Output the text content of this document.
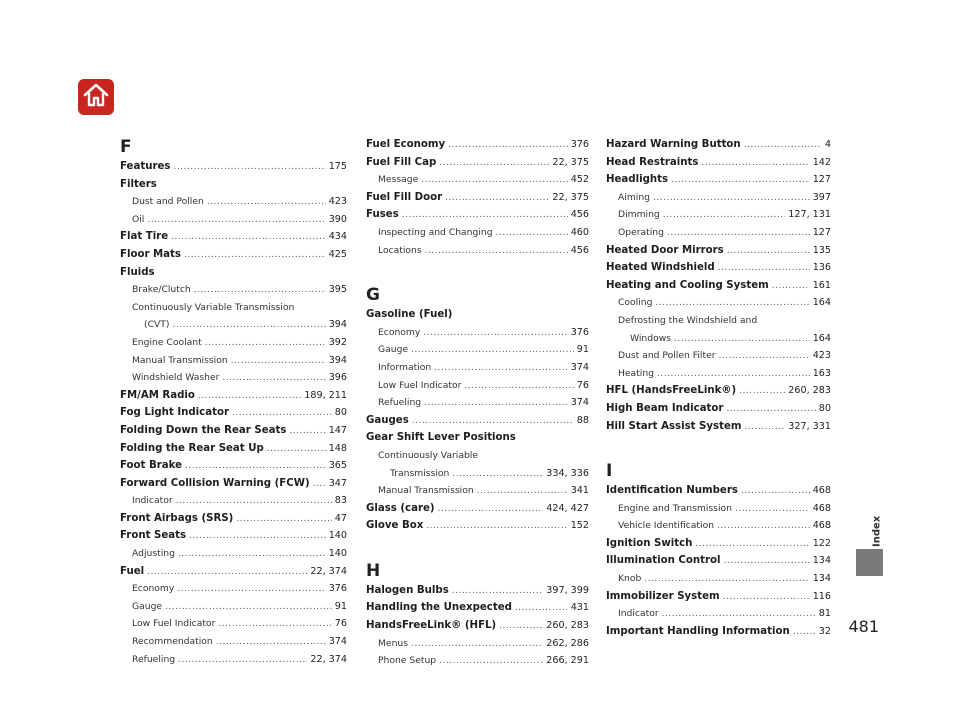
F
Features .....	175
Filters
Dust and Pollen .....	423
Oil .....	390
Flat Tire .....	434
Floor Mats .....	425
Fluids
Brake/Clutch .....	395
Continuously Variable Transmission
(CVT) .....	394
Engine Coolant .....	392
Manual Transmission .....	394
Windshield Washer .....	396
FM/AM Radio .....	189, 211
Fog Light Indicator .....	80
Folding Down the Rear Seats .....	147
Folding the Rear Seat Up .....	148
Foot Brake .....	365
Forward Collision Warning (FCW) ..... 347
Indicator .....	83
Front Airbags (SRS) .....	47
Front Seats .....	140
Adjusting .....	140
Fuel .....	22, 374
Economy .....	376
Gauge .....	91
Low Fuel Indicator .....	76
Recommendation .....	374
Refueling .....	22, 374
Fuel Economy .....	376
Fuel Fill Cap .....	22, 375
Message .....	452
Fuel Fill Door .....	22, 375
Fuses .....	456
Inspecting and Changing .....	460
Locations .....	456
G
Gasoline (Fuel)
Economy .....	376
Gauge .....	91
Information .....	374
Low Fuel Indicator .....	76
Refueling .....	374
Gauges .....	88
Gear Shift Lever Positions
Continuously Variable
Transmission .....	334, 336
Manual Transmission .....	341
Glass (care) .....	424, 427
Glove Box .....	152
H
Halogen Bulbs .....	397, 399
Handling the Unexpected .....	431
HandsFreeLink® (HFL) .....	260, 283
Menus .....	262, 286
Phone Setup .....	266, 291
Hazard Warning Button .....	4
Head Restraints .....	142
Headlights .....	127
Aiming .....	397
Dimming .....	127, 131
Operating .....	127
Heated Door Mirrors .....	135
Heated Windshield .....	136
Heating and Cooling System .....	161
Cooling .....	164
Defrosting the Windshield and
Windows .....	164
Dust and Pollen Filter .....	423
Heating .....	163
HFL (HandsFreeLink®) .....	260, 283
High Beam Indicator .....	80
Hill Start Assist System .....	327, 331
I
Identification Numbers .....	468
Engine and Transmission .....	468
Vehicle Identification .....	468
Ignition Switch .....	122
Illumination Control .....	134
Knob .....	134
Immobilizer System .....	116
Indicator .....	81
Important Handling Information .....	32
Index
481
